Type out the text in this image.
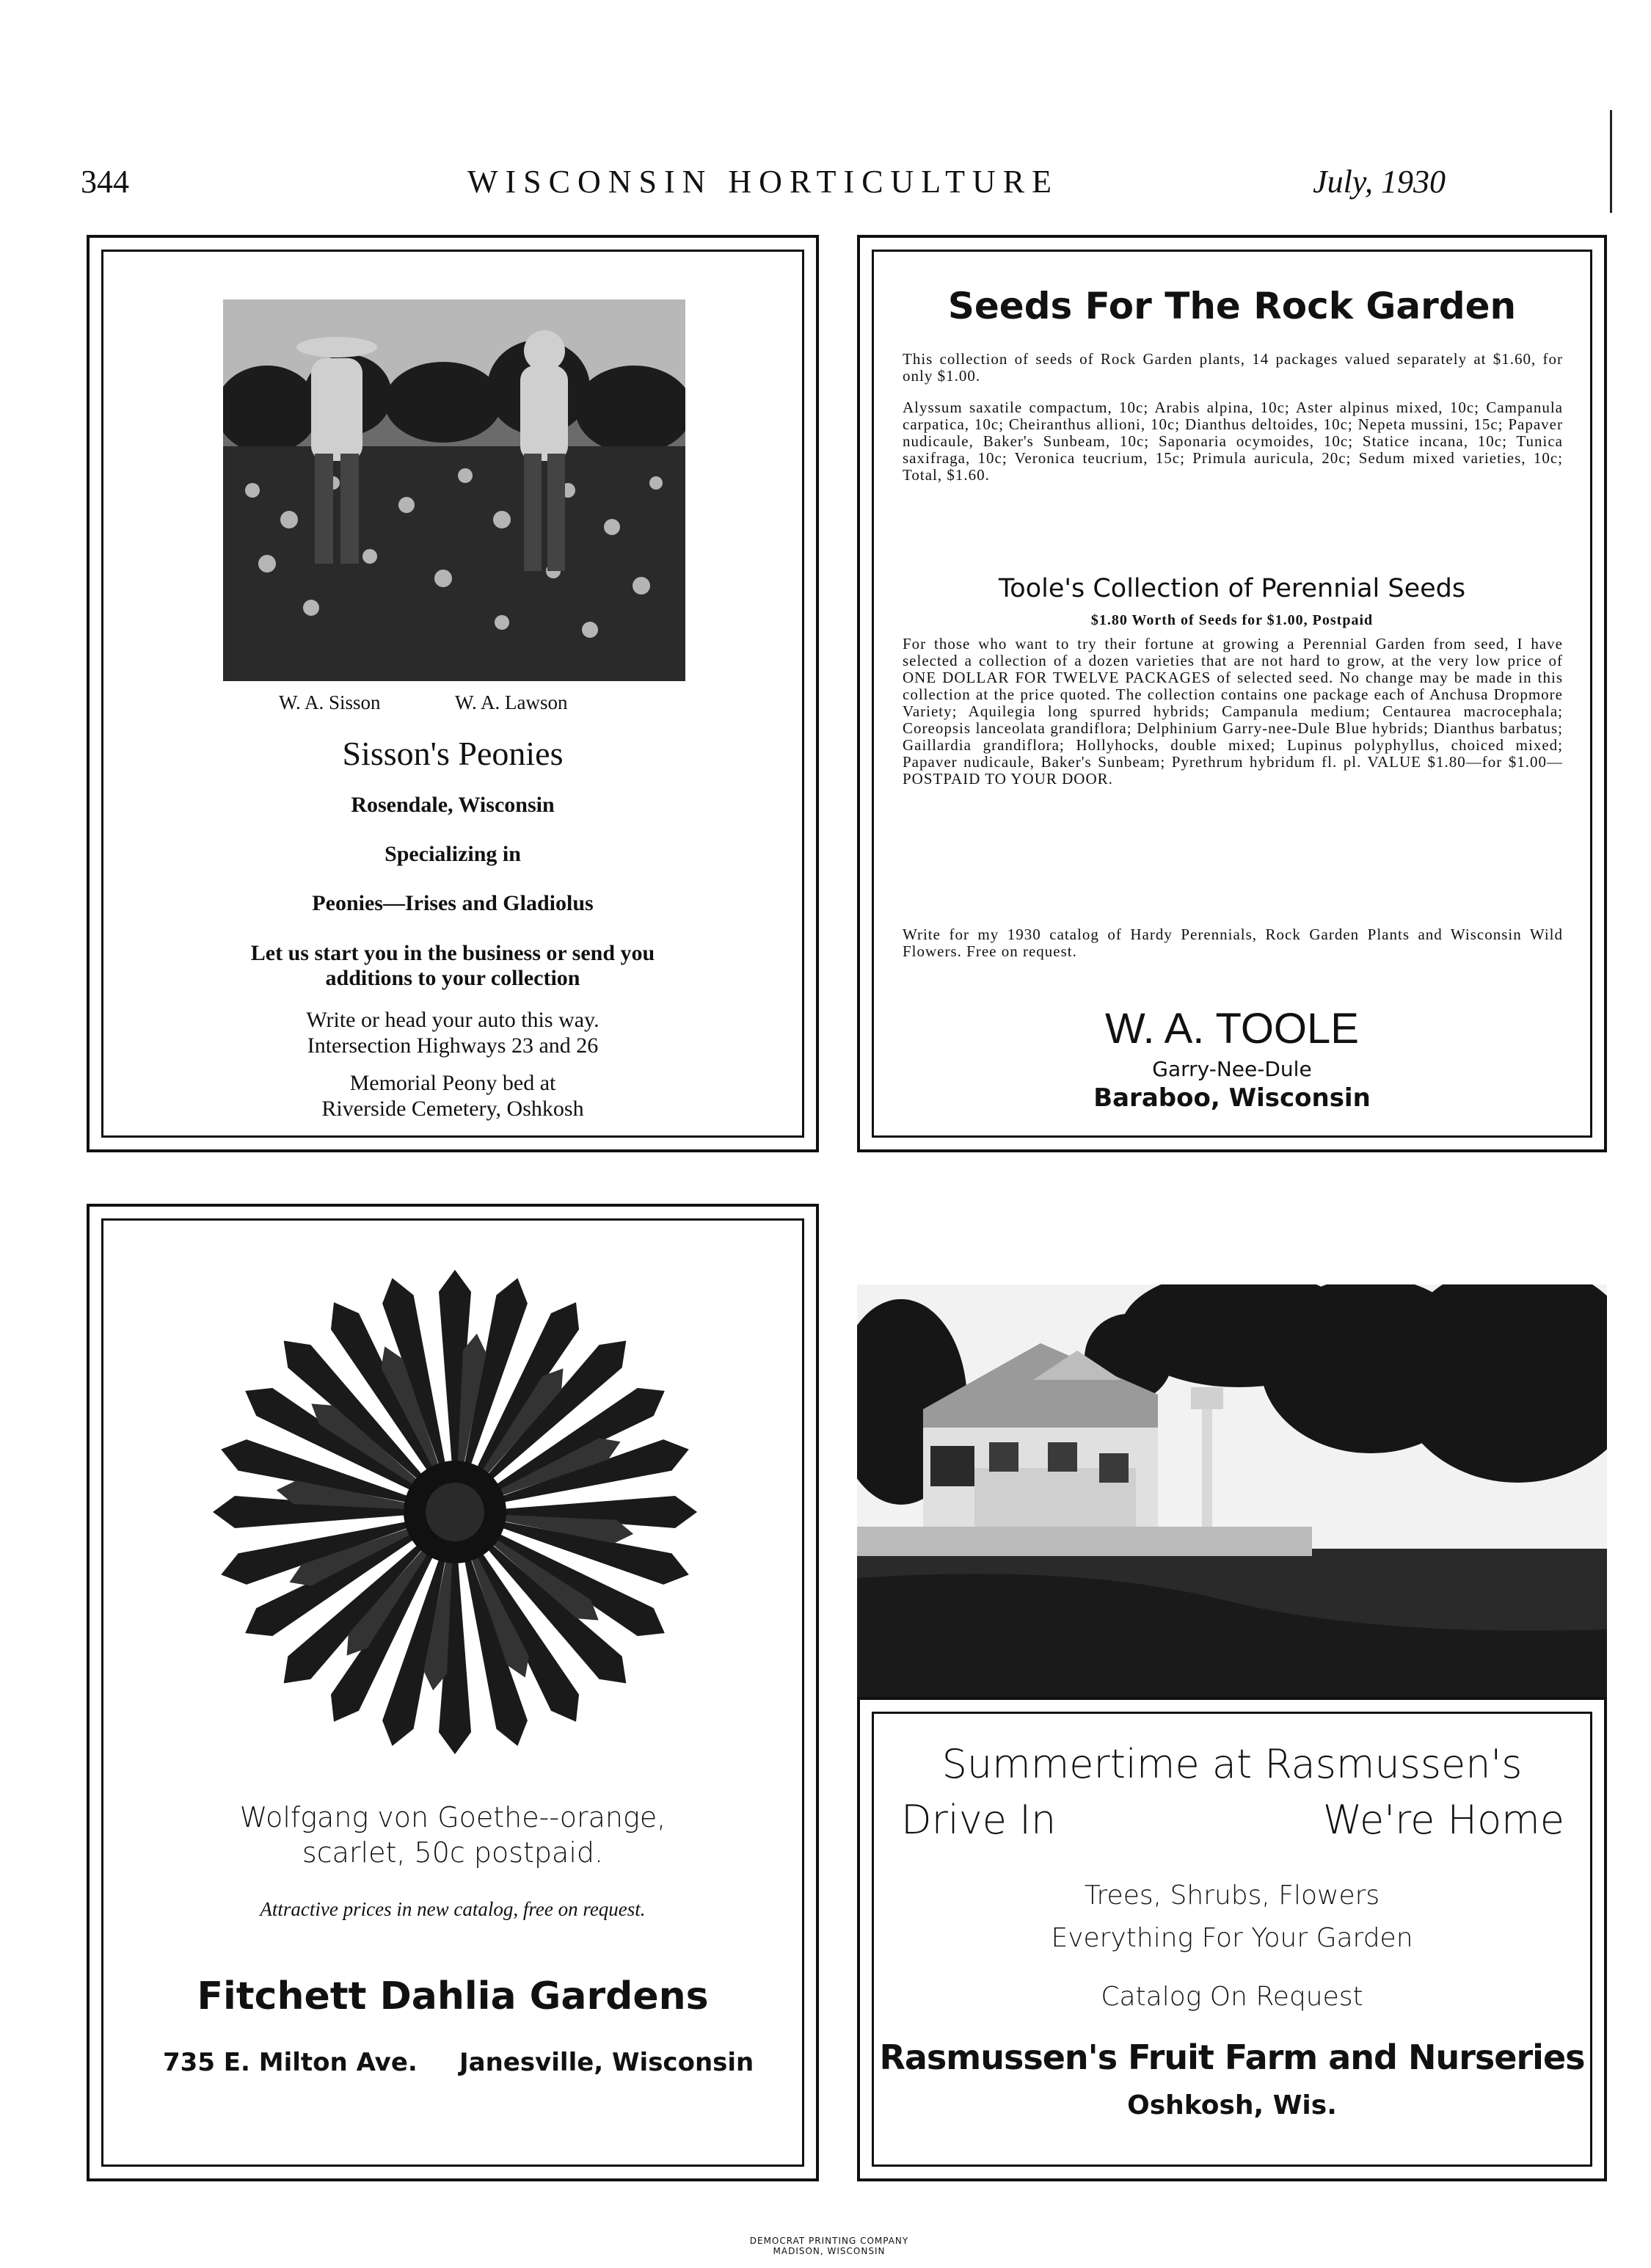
344	WISCONSIN HORTICULTURE	July, 1930
W. A. Sisson	W. A. Lawson
Sisson's Peonies
Rosendale, Wisconsin
Specializing in
Peonies—Irises and Gladiolus
Let us start you in the business or send you
additions to your collection
Write or head your auto this way.
Intersection Highways 23 and 26
Memorial Peony bed at
Riverside Cemetery, Oshkosh
Seeds For The Rock Garden
This collection of seeds of Rock Garden plants, 14 packages valued separately at $1.60, for only $1.00.
Alyssum saxatile compactum, 10c; Arabis alpina, 10c; Aster alpinus mixed, 10c; Campanula carpatica, 10c; Cheiranthus allioni, 10c; Dianthus deltoides, 10c; Nepeta mussini, 15c; Papaver nudicaule, Baker's Sunbeam, 10c; Saponaria ocymoides, 10c; Statice incana, 10c; Tunica saxifraga, 10c; Veronica teucrium, 15c; Primula auricula, 20c; Sedum mixed varieties, 10c; Total, $1.60.
Toole's Collection of Perennial Seeds
$1.80 Worth of Seeds for $1.00, Postpaid
For those who want to try their fortune at growing a Perennial Garden from seed, I have selected a collection of a dozen varieties that are not hard to grow, at the very low price of ONE DOLLAR FOR TWELVE PACKAGES of selected seed. No change may be made in this collection at the price quoted. The collection contains one package each of Anchusa Dropmore Variety; Aquilegia long spurred hybrids; Campanula medium; Centaurea macrocephala; Coreopsis lanceolata grandiflora; Delphinium Garry-nee-Dule Blue hybrids; Dianthus barbatus; Gaillardia grandiflora; Hollyhocks, double mixed; Lupinus polyphyllus, choiced mixed; Papaver nudicaule, Baker's Sunbeam; Pyrethrum hybridum fl. pl. VALUE $1.80—for $1.00—POSTPAID TO YOUR DOOR.
Write for my 1930 catalog of Hardy Perennials, Rock Garden Plants and Wisconsin Wild Flowers. Free on request.
W. A. TOOLE
Garry-Nee-Dule
Baraboo, Wisconsin
Wolfgang von Goethe--orange,
scarlet, 50c postpaid.
Attractive prices in new catalog, free on request.
Fitchett Dahlia Gardens
735 E. Milton Ave. Janesville, Wisconsin
Summertime at Rasmussen's
Drive In	We're Home
Trees, Shrubs, Flowers
Everything For Your Garden
Catalog On Request
Rasmussen's Fruit Farm and Nurseries
Oshkosh, Wis.
DEMOCRAT PRINTING COMPANY
MADISON, WISCONSIN
